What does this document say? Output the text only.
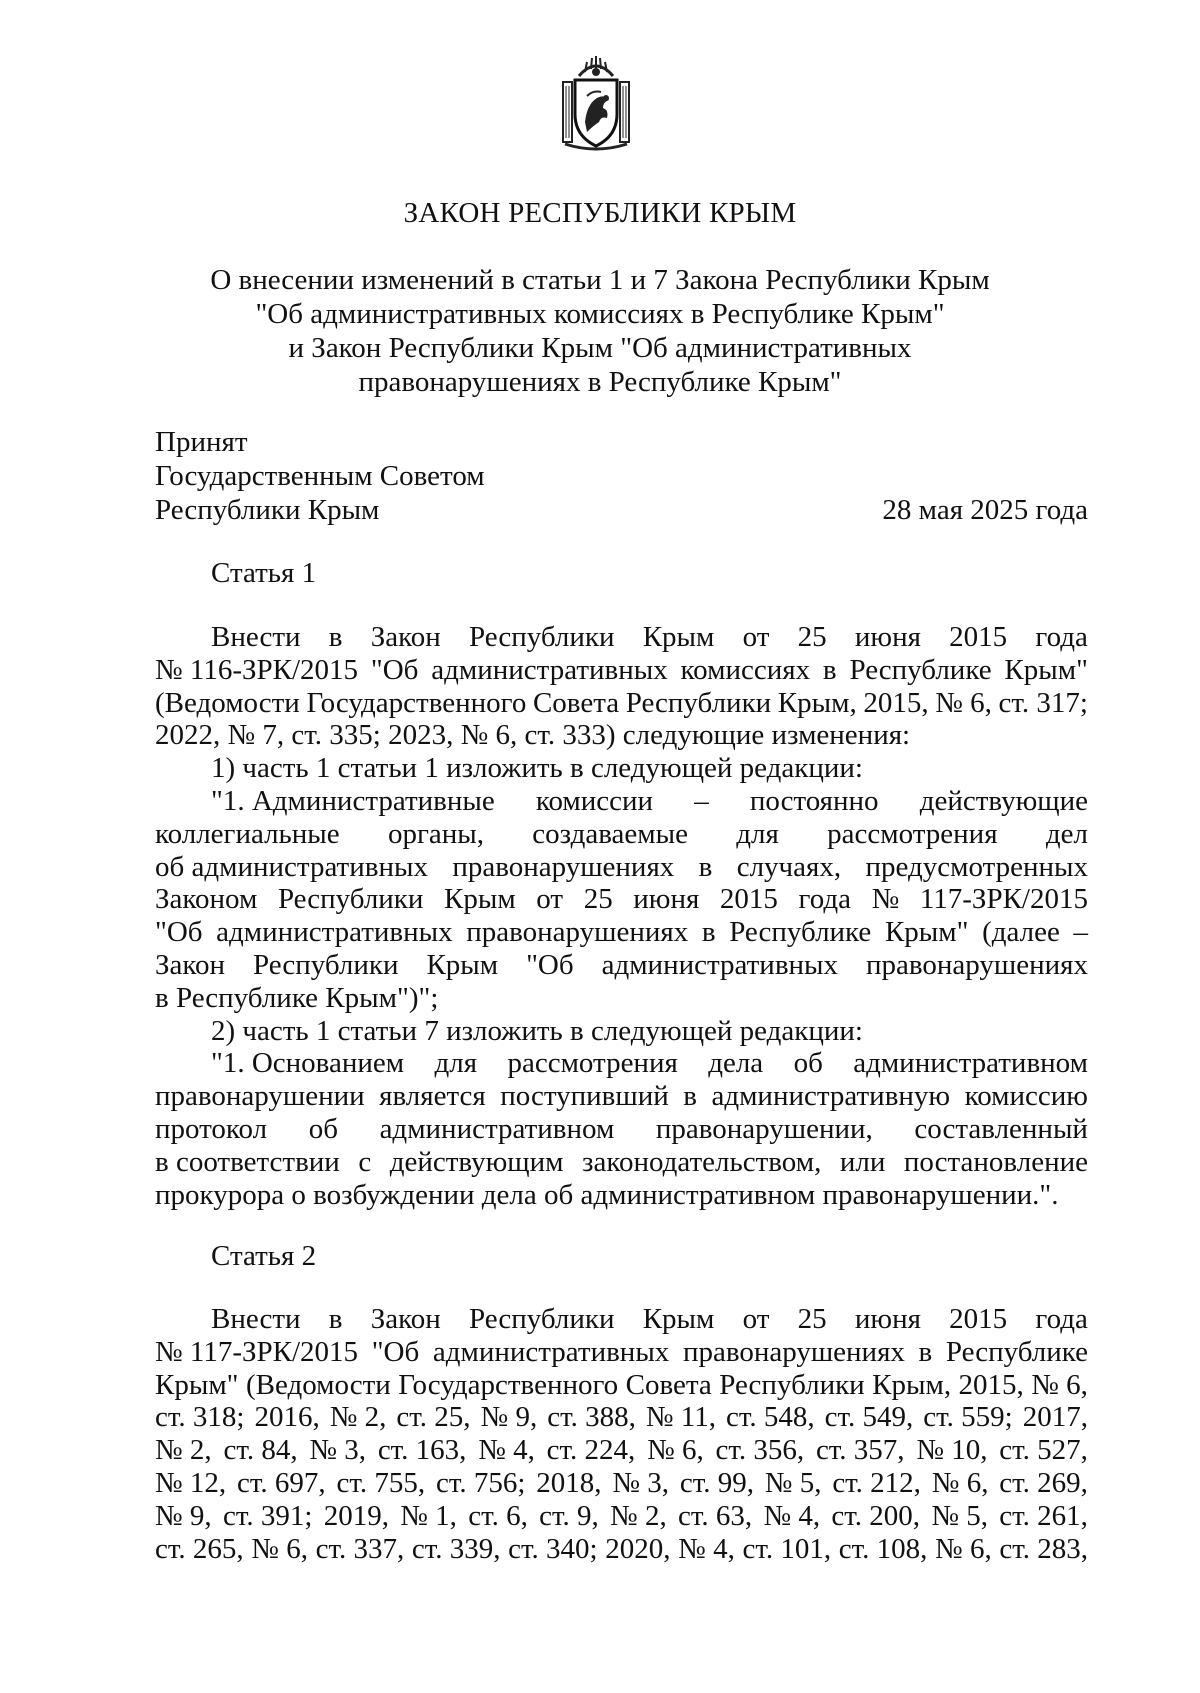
ЗАКОН РЕСПУБЛИКИ КРЫМ
О внесении изменений в статьи 1 и 7 Закона Республики Крым
"Об административных комиссиях в Республике Крым"
и Закон Республики Крым "Об административных
правонарушениях в Республике Крым"
Принят
Государственным Советом
Республики Крым	28 мая 2025 года
Статья 1
Внести в Закон Республики Крым от 25 июня 2015 года
№ 116-ЗРК/2015 "Об административных комиссиях в Республике Крым"
(Ведомости Государственного Совета Республики Крым, 2015, № 6, ст. 317;
2022, № 7, ст. 335; 2023, № 6, ст. 333) следующие изменения:
1) часть 1 статьи 1 изложить в следующей редакции:
"1. Административные комиссии – постоянно действующие
коллегиальные органы, создаваемые для рассмотрения дел
об административных правонарушениях в случаях, предусмотренных
Законом Республики Крым от 25 июня 2015 года № 117-ЗРК/2015
"Об административных правонарушениях в Республике Крым" (далее –
Закон Республики Крым "Об административных правонарушениях
в Республике Крым")";
2) часть 1 статьи 7 изложить в следующей редакции:
"1. Основанием для рассмотрения дела об административном
правонарушении является поступивший в административную комиссию
протокол об административном правонарушении, составленный
в соответствии с действующим законодательством, или постановление
прокурора о возбуждении дела об административном правонарушении.".
Статья 2
Внести в Закон Республики Крым от 25 июня 2015 года
№ 117-ЗРК/2015 "Об административных правонарушениях в Республике
Крым" (Ведомости Государственного Совета Республики Крым, 2015, № 6,
ст. 318; 2016, № 2, ст. 25, № 9, ст. 388, № 11, ст. 548, ст. 549, ст. 559; 2017,
№ 2, ст. 84, № 3, ст. 163, № 4, ст. 224, № 6, ст. 356, ст. 357, № 10, ст. 527,
№ 12, ст. 697, ст. 755, ст. 756; 2018, № 3, ст. 99, № 5, ст. 212, № 6, ст. 269,
№ 9, ст. 391; 2019, № 1, ст. 6, ст. 9, № 2, ст. 63, № 4, ст. 200, № 5, ст. 261,
ст. 265, № 6, ст. 337, ст. 339, ст. 340; 2020, № 4, ст. 101, ст. 108, № 6, ст. 283,
